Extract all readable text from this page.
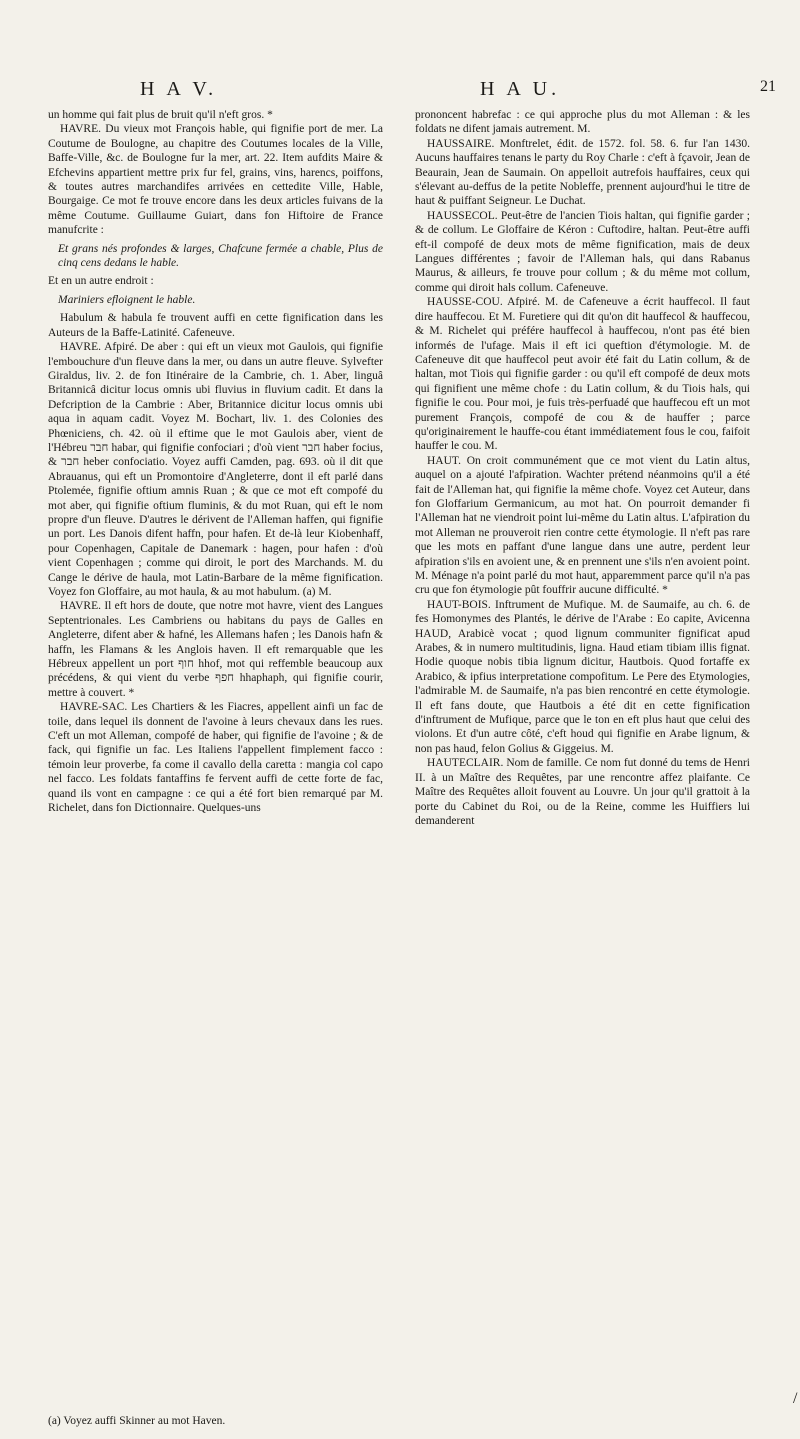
H A V.	H A U.	21

un homme qui fait plus de bruit qu'il n'eft gros. *

HAVRE. Du vieux mot François hable, qui fignifie port de mer. La Coutume de Boulogne, au chapitre des Coutumes locales de la Ville, Baffe-Ville, &c. de Boulogne fur la mer, art. 22. Item aufdits Maire & Efchevins appartient mettre prix fur fel, grains, vins, harencs, poiffons, & toutes autres marchandifes arrivées en cettedite Ville, Hable, Bourgaige. Ce mot fe trouve encore dans les deux articles fuivans de la même Coutume. Guillaume Guiart, dans fon Hiftoire de France manufcrite :

Et grans nés profondes & larges, Chafcune fermée a chable, Plus de cinq cens dedans le hable.

Et en un autre endroit :

Mariniers efloignent le hable.

Habulum & habula fe trouvent auffi en cette fignification dans les Auteurs de la Baffe-Latinité. Cafeneuve.

HAVRE. Afpiré. De aber : qui eft un vieux mot Gaulois, qui fignifie l'embouchure d'un fleuve dans la mer, ou dans un autre fleuve. Sylvefter Giraldus, liv. 2. de fon Itinéraire de la Cambrie, ch. 1. Aber, linguâ Britannicâ dicitur locus omnis ubi fluvius in fluvium cadit. Et dans la Defcription de la Cambrie : Aber, Britannice dicitur locus omnis ubi aqua in aquam cadit. Voyez M. Bochart, liv. 1. des Colonies des Phœniciens, ch. 42. où il eftime que le mot Gaulois aber, vient de l'Hébreu חבר habar, qui fignifie confociari ; d'où vient חבר haber focius, & חבר heber confociatio. Voyez auffi Camden, pag. 693. où il dit que Abrauanus, qui eft un Promontoire d'Angleterre, dont il eft parlé dans Ptolemée, fignifie oftium amnis Ruan ; & que ce mot eft compofé du mot aber, qui fignifie oftium fluminis, & du mot Ruan, qui eft le nom propre d'un fleuve. D'autres le dérivent de l'Alleman haffen, qui fignifie un port. Les Danois difent haffn, pour hafen. Et de-là leur Kiobenhaff, pour Copenhagen, Capitale de Danemark : hagen, pour hafen : d'où vient Copenhagen ; comme qui diroit, le port des Marchands. M. du Cange le dérive de haula, mot Latin-Barbare de la même fignification. Voyez fon Gloffaire, au mot haula, & au mot habulum. (a) M.

HAVRE. Il eft hors de doute, que notre mot havre, vient des Langues Septentrionales. Les Cambriens ou habitans du pays de Galles en Angleterre, difent aber & hafné, les Allemans hafen ; les Danois hafn & haffn, les Flamans & les Anglois haven. Il eft remarquable que les Hébreux appellent un port חוף hhof, mot qui reffemble beaucoup aux précédens, & qui vient du verbe חפף hhaphaph, qui fignifie courir, mettre à couvert. *

HAVRE-SAC. Les Chartiers & les Fiacres, appellent ainfi un fac de toile, dans lequel ils donnent de l'avoine à leurs chevaux dans les rues. C'eft un mot Alleman, compofé de haber, qui fignifie de l'avoine ; & de fack, qui fignifie un fac. Les Italiens l'appellent fimplement facco : témoin leur proverbe, fa come il cavallo della caretta : mangia col capo nel facco. Les foldats fantaffins fe fervent auffi de cette forte de fac, quand ils vont en campagne : ce qui a été fort bien remarqué par M. Richelet, dans fon Dictionnaire. Quelques-uns

(a) Voyez auffi Skinner au mot Haven.

prononcent habrefac : ce qui approche plus du mot Alleman : & les foldats ne difent jamais autrement. M.

HAUSSAIRE. Monftrelet, édit. de 1572. fol. 58. 6. fur l'an 1430. Aucuns hauffaires tenans le party du Roy Charle : c'eft à fçavoir, Jean de Beaurain, Jean de Saumain. On appelloit autrefois hauffaires, ceux qui s'élevant au-deffus de la petite Nobleffe, prennent aujourd'hui le titre de haut & puiffant Seigneur. Le Duchat.

HAUSSECOL. Peut-être de l'ancien Tiois haltan, qui fignifie garder ; & de collum. Le Gloffaire de Kéron : Cuftodire, haltan. Peut-être auffi eft-il compofé de deux mots de même fignification, mais de deux Langues différentes ; favoir de l'Alleman hals, qui dans Rabanus Maurus, & ailleurs, fe trouve pour collum ; & du même mot collum, comme qui diroit hals collum. Cafeneuve.

HAUSSE-COU. Afpiré. M. de Cafeneuve a écrit hauffecol. Il faut dire hauffecou. Et M. Furetiere qui dit qu'on dit hauffecol & hauffecou, & M. Richelet qui préfére hauffecol à hauffecou, n'ont pas été bien informés de l'ufage. Mais il eft ici queftion d'étymologie. M. de Cafeneuve dit que hauffecol peut avoir été fait du Latin collum, & de haltan, mot Tiois qui fignifie garder : ou qu'il eft compofé de deux mots qui fignifient une même chofe : du Latin collum, & du Tiois hals, qui fignifie le cou. Pour moi, je fuis très-perfuadé que hauffecou eft un mot purement François, compofé de cou & de hauffer ; parce qu'originairement le hauffe-cou étant immédiatement fous le cou, faifoit hauffer le cou. M.

HAUT. On croit communément que ce mot vient du Latin altus, auquel on a ajouté l'afpiration. Wachter prétend néanmoins qu'il a été fait de l'Alleman hat, qui fignifie la même chofe. Voyez cet Auteur, dans fon Gloffarium Germanicum, au mot hat. On pourroit demander fi l'Alleman hat ne viendroit point lui-même du Latin altus. L'afpiration du mot Alleman ne prouveroit rien contre cette étymologie. Il n'eft pas rare que les mots en paffant d'une langue dans une autre, perdent leur afpiration s'ils en avoient une, & en prennent une s'ils n'en avoient point. M. Ménage n'a point parlé du mot haut, apparemment parce qu'il n'a pas cru que fon étymologie pût fouffrir aucune difficulté. *

HAUT-BOIS. Inftrument de Mufique. M. de Saumaife, au ch. 6. de fes Homonymes des Plantés, le dérive de l'Arabe : Eo capite, Avicenna HAUD, Arabicè vocat ; quod lignum communiter fignificat apud Arabes, & in numero multitudinis, ligna. Haud etiam tibiam illis fignat. Hodie quoque nobis tibia lignum dicitur, Hautbois. Quod fortaffe ex Arabico, & ipfius interpretatione compofitum. Le Pere des Etymologies, l'admirable M. de Saumaife, n'a pas bien rencontré en cette étymologie. Il eft fans doute, que Hautbois a été dit en cette fignification d'inftrument de Mufique, parce que le ton en eft plus haut que celui des violons. Et d'un autre côté, c'eft houd qui fignifie en Arabe lignum, & non pas haud, felon Golius & Giggeius. M.

HAUTECLAIR. Nom de famille. Ce nom fut donné du tems de Henri II. à un Maître des Requêtes, par une rencontre affez plaifante. Ce Maître des Requêtes alloit fouvent au Louvre. Un jour qu'il grattoit à la porte du Cabinet du Roi, ou de la Reine, comme les Huiffiers lui demanderent

/
